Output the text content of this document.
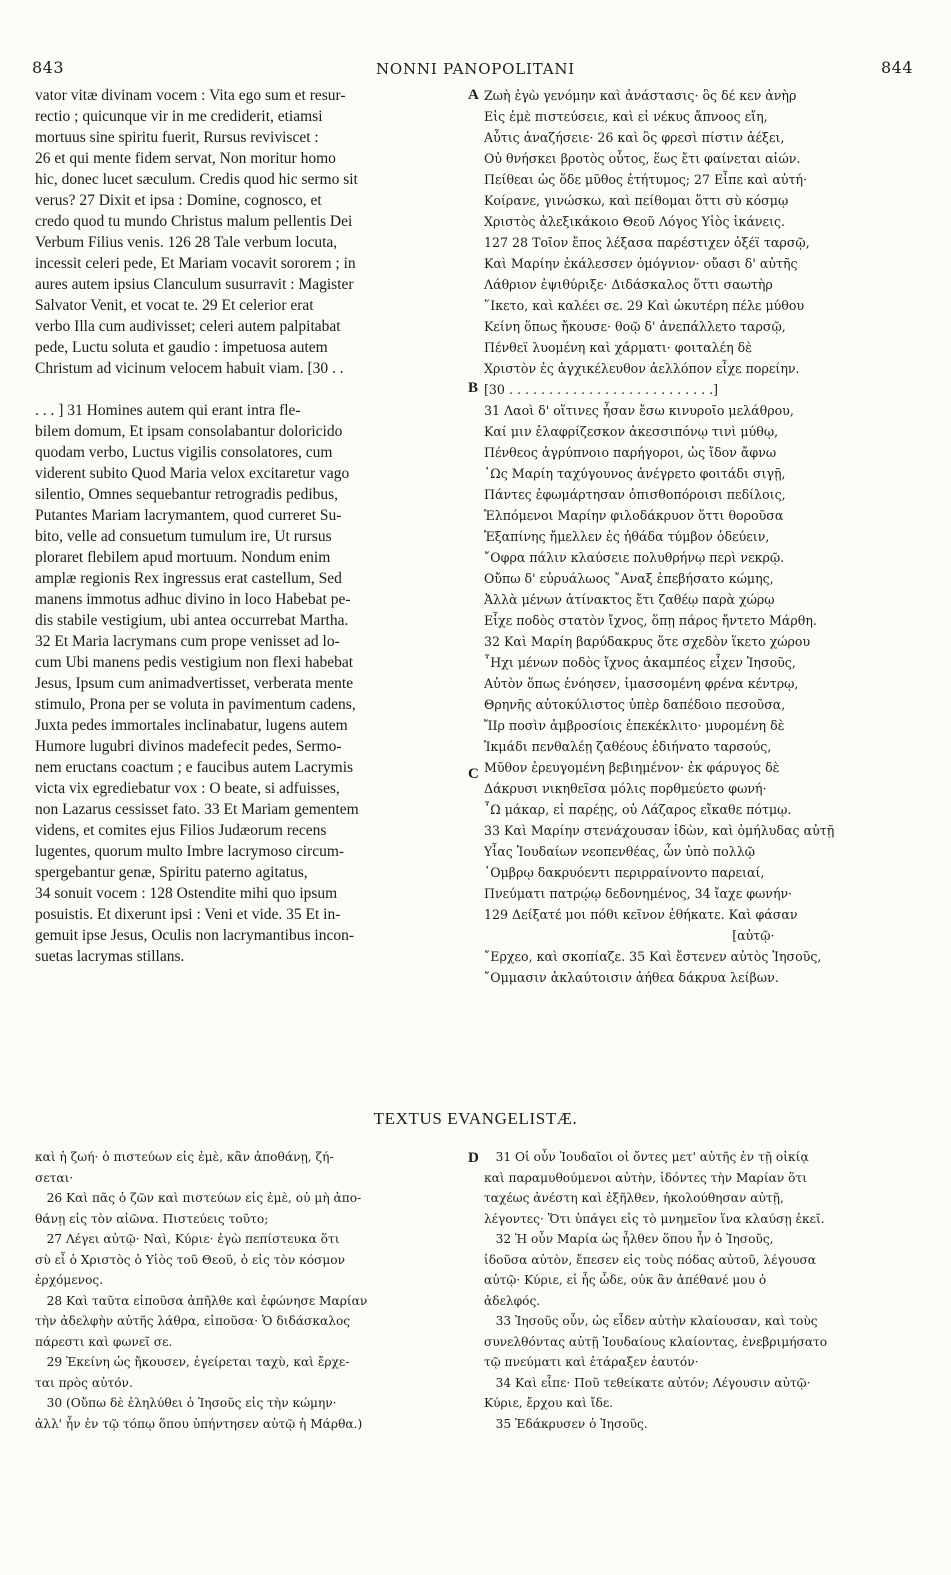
843	NONNI PANOPOLITANI	844
vator vitæ divinam vocem : Vita ego sum et resur-
rectio ; quicunque vir in me crediderit, etiamsi
mortuus sine spiritu fuerit, Rursus reviviscet :
26 et qui mente fidem servat, Non moritur homo
hic, donec lucet sæculum. Credis quod hic sermo sit
verus? 27 Dixit et ipsa : Domine, cognosco, et
credo quod tu mundo Christus malum pellentis Dei
Verbum Filius venis. 126 28 Tale verbum locuta,
incessit celeri pede, Et Mariam vocavit sororem ; in
aures autem ipsius Clanculum susurravit : Magister
Salvator Venit, et vocat te. 29 Et celerior erat
verbo Illa cum audivisset; celeri autem palpitabat
pede, Luctu soluta et gaudio : impetuosa autem
Christum ad vicinum velocem habuit viam. [30 . .

. . . ] 31 Homines autem qui erant intra fle-
bilem domum, Et ipsam consolabantur doloricido
quodam verbo, Luctus vigilis consolatores, cum
viderent subito Quod Maria velox excitaretur vago
silentio, Omnes sequebantur retrogradis pedibus,
Putantes Mariam lacrymantem, quod curreret Su-
bito, velle ad consuetum tumulum ire, Ut rursus
ploraret flebilem apud mortuum. Nondum enim
amplæ regionis Rex ingressus erat castellum, Sed
manens immotus adhuc divino in loco Habebat pe-
dis stabile vestigium, ubi antea occurrebat Martha.
32 Et Maria lacrymans cum prope venisset ad lo-
cum Ubi manens pedis vestigium non flexi habebat
Jesus, Ipsum cum animadvertisset, verberata mente
stimulo, Prona per se voluta in pavimentum cadens,
Juxta pedes immortales inclinabatur, lugens autem
Humore lugubri divinos madefecit pedes, Sermo-
nem eructans coactum ; e faucibus autem Lacrymis
victa vix egrediebatur vox : O beate, si adfuisses,
non Lazarus cessisset fato. 33 Et Mariam gementem
videns, et comites ejus Filios Judæorum recens
lugentes, quorum multo Imbre lacrymoso circum-
spergebantur genæ, Spiritu paterno agitatus,
34 sonuit vocem : 128 Ostendite mihi quo ipsum
posuistis. Et dixerunt ipsi : Veni et vide. 35 Et in-
gemuit ipse Jesus, Oculis non lacrymantibus incon-
suetas lacrymas stillans.
Ζωὴ ἐγὼ γενόμην καὶ ἀνάστασις· ὃς δέ κεν ἀνὴρ
Εἰς ἐμὲ πιστεύσειε, καὶ εἰ νέκυς ἄπνοος εἴη,
Αὖτις ἀναζήσειε· 26 καὶ ὃς φρεσὶ πίστιν ἀέξει,
Οὐ θνήσκει βροτὸς οὗτος, ἕως ἔτι φαίνεται αἰών.
Πείθεαι ὡς ὅδε μῦθος ἐτήτυμος; 27 Εἶπε καὶ αὐτή·
Κοίρανε, γινώσκω, καὶ πείθομαι ὅττι σὺ κόσμῳ
Χριστὸς ἀλεξικάκοιο Θεοῦ Λόγος Υἱὸς ἱκάνεις.
127 28 Τοῖον ἔπος λέξασα παρέστιχεν ὀξέϊ ταρσῷ,
Καὶ Μαρίην ἐκάλεσσεν ὁμόγνιον· οὔασι δ' αὐτῆς
Λάθριον ἐψιθύριξε· Διδάσκαλος ὅττι σαωτὴρ
῞Ικετο, καὶ καλέει σε. 29 Καὶ ὠκυτέρη πέλε μύθου
Κείνη ὅπως ἤκουσε· θοῷ δ' ἀνεπάλλετο ταρσῷ,
Πένθεϊ λυομένη καὶ χάρματι· φοιταλέη δὲ
Χριστὸν ἐς ἀγχικέλευθον ἀελλόπον εἶχε πορείην.
[30 . . . . . . . . . . . . . . . . . . . . . . . . . .]
31 Λαοὶ δ' οἵτινες ἦσαν ἔσω κινυροῖο μελάθρου,
Καί μιν ἐλαφρίζεσκον ἀκεσσιπόνῳ τινὶ μύθῳ,
Πένθεος ἀγρύπνοιο παρήγοροι, ὡς ἴδον ἄφνω
῾Ως Μαρίη ταχύγουνος ἀνέγρετο φοιτάδι σιγῇ,
Πάντες ἐφωμάρτησαν ὀπισθοπόροισι πεδίλοις,
Ἐλπόμενοι Μαρίην φιλοδάκρυον ὅττι θοροῦσα
Ἐξαπίνης ἤμελλεν ἐς ἠθάδα τύμβον ὁδεύειν,
῎Οφρα πάλιν κλαύσειε πολυθρήνῳ περὶ νεκρῷ.
Οὔπω δ' εὐρυάλωος ῎Αναξ ἐπεβήσατο κώμης,
Ἀλλὰ μένων ἀτίνακτος ἔτι ζαθέῳ παρὰ χώρῳ
Εἶχε ποδὸς στατὸν ἴχνος, ὅπῃ πάρος ἤντετο Μάρθη.
32 Καὶ Μαρίη βαρύδακρυς ὅτε σχεδὸν ἵκετο χώρου
῟Ηχι μένων ποδὸς ἴχνος ἀκαμπέος εἶχεν Ἰησοῦς,
Αὐτὸν ὅπως ἐνόησεν, ἱμασσομένη φρένα κέντρῳ,
Θρηνῆς αὐτοκύλιστος ὑπὲρ δαπέδοιο πεσοῦσα,
ἼΙρ ποσὶν ἀμβροσίοις ἐπεκέκλιτο· μυρομένη δὲ
Ἰκμάδι πενθαλέῃ ζαθέους ἐδιήνατο ταρσούς,
Μῦθον ἐρευγομένη βεβιημένον· ἐκ φάρυγος δὲ
Δάκρυσι νικηθεῖσα μόλις πορθμεύετο φωνή·
῏Ω μάκαρ, εἰ παρέῃς, οὐ Λάζαρος εἴκαθε πότμῳ.
33 Καὶ Μαρίην στενάχουσαν ἰδὼν, καὶ ὁμήλυδας αὐτῇ
Υἷας Ἰουδαίων νεοπενθέας, ὧν ὑπὸ πολλῷ
῾Ομβρῳ δακρυόεντι περιρραίνοντο παρειαί,
Πνεύματι πατρῴῳ δεδονημένος, 34 ἴαχε φωνήν·
129 Δείξατέ μοι πόθι κεῖνον ἐθήκατε. Καὶ φάσαν
[αὐτῷ·
῎Ερχεο, καὶ σκοπίαζε. 35 Καὶ ἔστενεν αὐτὸς Ἰησοῦς,
῎Ομμασιν ἀκλαύτοισιν ἀήθεα δάκρυα λείβων.
A
B
C
D
TEXTUS EVANGELISTÆ.
καὶ ἡ ζωή· ὁ πιστεύων εἰς ἐμὲ, κἂν ἀποθάνῃ, ζή-
σεται·
26 Καὶ πᾶς ὁ ζῶν καὶ πιστεύων εἰς ἐμὲ, οὐ μὴ ἀπο-
θάνῃ εἰς τὸν αἰῶνα. Πιστεύεις τοῦτο;
27 Λέγει αὐτῷ· Ναὶ, Κύριε· ἐγὼ πεπίστευκα ὅτι
σὺ εἶ ὁ Χριστὸς ὁ Υἱὸς τοῦ Θεοῦ, ὁ εἰς τὸν κόσμον
ἐρχόμενος.
28 Καὶ ταῦτα εἰποῦσα ἀπῆλθε καὶ ἐφώνησε Μαρίαν
τὴν ἀδελφὴν αὐτῆς λάθρα, εἰποῦσα· Ὁ διδάσκαλος
πάρεστι καὶ φωνεῖ σε.
29 Ἐκείνη ὡς ἤκουσεν, ἐγείρεται ταχὺ, καὶ ἔρχε-
ται πρὸς αὐτόν.
30 (Οὔπω δὲ ἐληλύθει ὁ Ἰησοῦς εἰς τὴν κώμην·
ἀλλ' ἦν ἐν τῷ τόπῳ ὅπου ὑπήντησεν αὐτῷ ἡ Μάρθα.)
31 Οἱ οὖν Ἰουδαῖοι οἱ ὄντες μετ' αὐτῆς ἐν τῇ οἰκίᾳ
καὶ παραμυθούμενοι αὐτὴν, ἰδόντες τὴν Μαρίαν ὅτι
ταχέως ἀνέστη καὶ ἐξῆλθεν, ἠκολούθησαν αὐτῇ,
λέγοντες· Ὅτι ὑπάγει εἰς τὸ μνημεῖον ἵνα κλαύσῃ ἐκεῖ.
32 Ἡ οὖν Μαρία ὡς ἦλθεν ὅπου ἦν ὁ Ἰησοῦς,
ἰδοῦσα αὐτὸν, ἔπεσεν εἰς τοὺς πόδας αὐτοῦ, λέγουσα
αὐτῷ· Κύριε, εἰ ἦς ὧδε, οὐκ ἂν ἀπέθανέ μου ὁ
ἀδελφός.
33 Ἰησοῦς οὖν, ὡς εἶδεν αὐτὴν κλαίουσαν, καὶ τοὺς
συνελθόντας αὐτῇ Ἰουδαίους κλαίοντας, ἐνεβριμήσατο
τῷ πνεύματι καὶ ἐτάραξεν ἑαυτόν·
34 Καὶ εἶπε· Ποῦ τεθείκατε αὐτόν; Λέγουσιν αὐτῷ·
Κύριε, ἔρχου καὶ ἴδε.
35 Ἐδάκρυσεν ὁ Ἰησοῦς.
